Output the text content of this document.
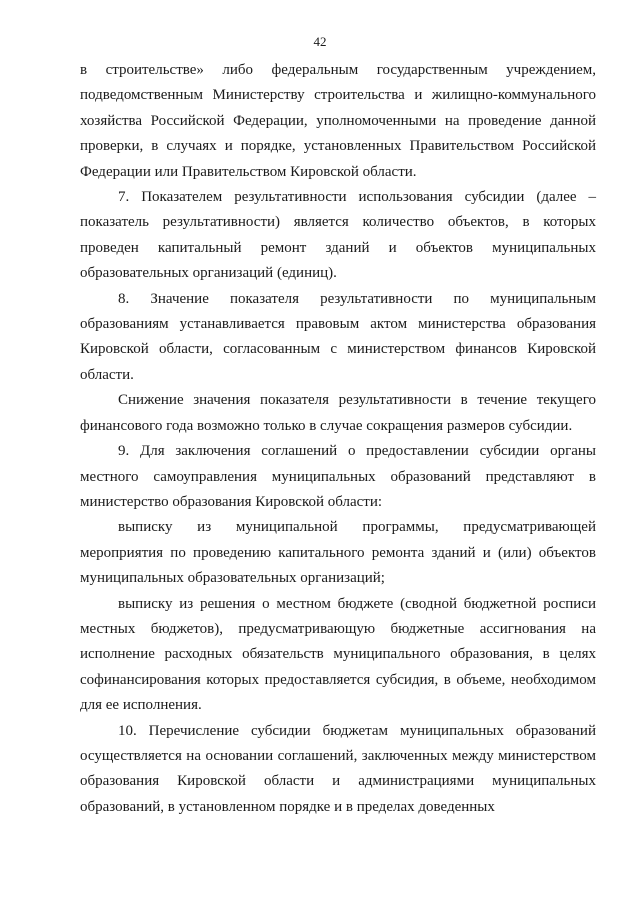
42

в строительстве» либо федеральным государственным учреждением, подведомственным Министерству строительства и жилищно-коммунального хозяйства Российской Федерации, уполномоченными на проведение данной проверки, в случаях и порядке, установленных Правительством Российской Федерации или Правительством Кировской области.

7. Показателем результативности использования субсидии (далее – показатель результативности) является количество объектов, в которых проведен капитальный ремонт зданий и объектов муниципальных образовательных организаций (единиц).

8. Значение показателя результативности по муниципальным образованиям устанавливается правовым актом министерства образования Кировской области, согласованным с министерством финансов Кировской области.

Снижение значения показателя результативности в течение текущего финансового года возможно только в случае сокращения размеров субсидии.

9. Для заключения соглашений о предоставлении субсидии органы местного самоуправления муниципальных образований представляют в министерство образования Кировской области:

выписку из муниципальной программы, предусматривающей мероприятия по проведению капитального ремонта зданий и (или) объектов муниципальных образовательных организаций;

выписку из решения о местном бюджете (сводной бюджетной росписи местных бюджетов), предусматривающую бюджетные ассигнования на исполнение расходных обязательств муниципального образования, в целях софинансирования которых предоставляется субсидия, в объеме, необходимом для ее исполнения.

10. Перечисление субсидии бюджетам муниципальных образований осуществляется на основании соглашений, заключенных между министерством образования Кировской области и администрациями муниципальных образований, в установленном порядке и в пределах доведенных
